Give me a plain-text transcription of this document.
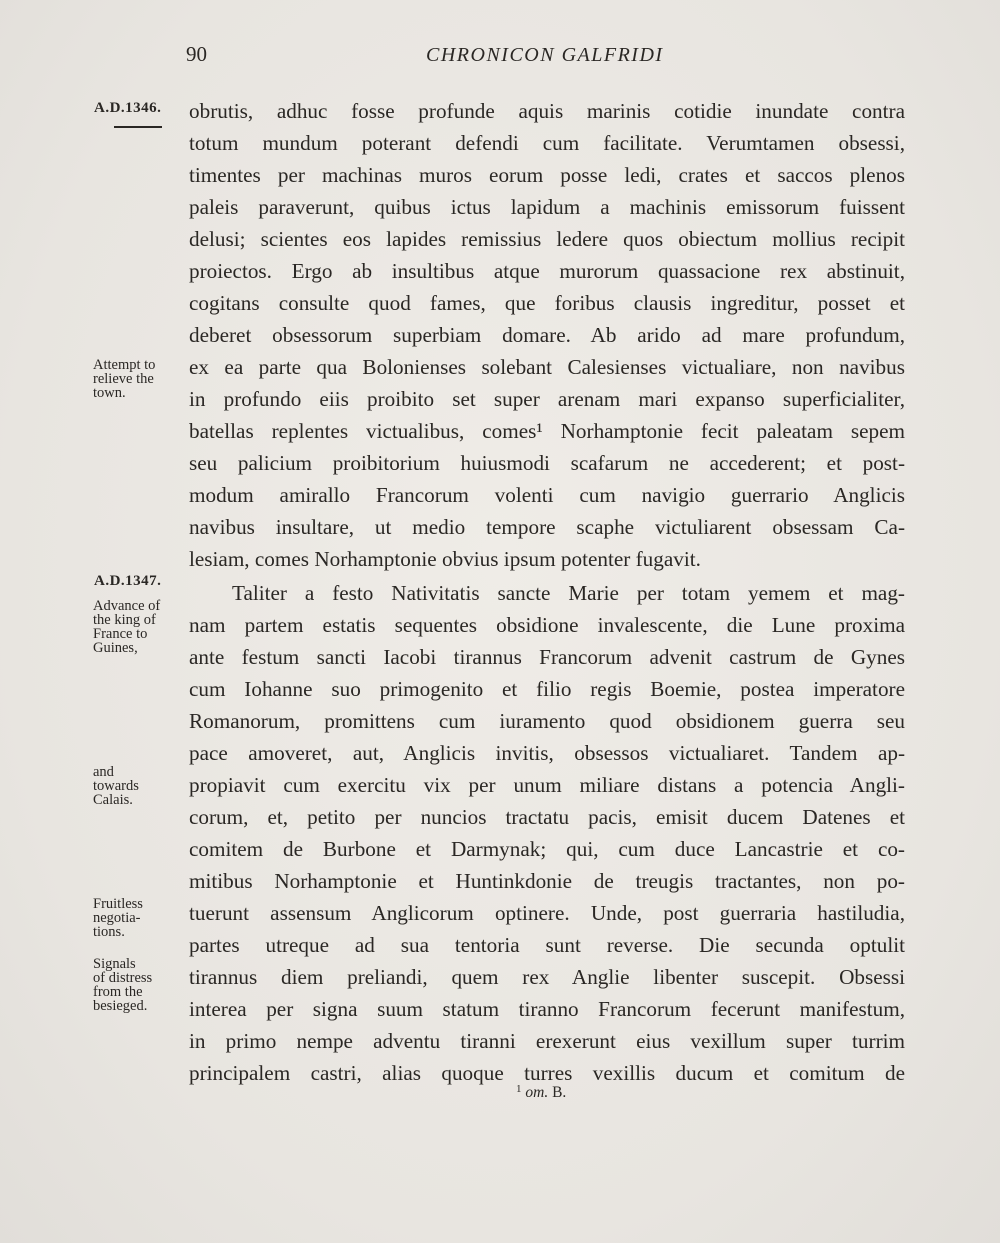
90	CHRONICON GALFRIDI
A.D.1346.
A.D.1347.
Attempt to
relieve the
town.
Advance of
the king of
France to
Guines,
and
towards
Calais.
Fruitless
negotia-
tions.
Signals
of distress
from the
besieged.
obrutis, adhuc fosse profunde aquis marinis cotidie inundate contra
totum mundum poterant defendi cum facilitate. Verumtamen obsessi,
timentes per machinas muros eorum posse ledi, crates et saccos plenos
paleis paraverunt, quibus ictus lapidum a machinis emissorum fuissent
delusi; scientes eos lapides remissius ledere quos obiectum mollius recipit
proiectos. Ergo ab insultibus atque murorum quassacione rex abstinuit,
cogitans consulte quod fames, que foribus clausis ingreditur, posset et
deberet obsessorum superbiam domare. Ab arido ad mare profundum,
ex ea parte qua Bolonienses solebant Calesienses victualiare, non navibus
in profundo eiis proibito set super arenam mari expanso superficialiter,
batellas replentes victualibus, comes¹ Norhamptonie fecit paleatam sepem
seu palicium proibitorium huiusmodi scafarum ne accederent; et post-
modum amirallo Francorum volenti cum navigio guerrario Anglicis
navibus insultare, ut medio tempore scaphe victuliarent obsessam Ca-
lesiam, comes Norhamptonie obvius ipsum potenter fugavit.
Taliter a festo Nativitatis sancte Marie per totam yemem et mag-
nam partem estatis sequentes obsidione invalescente, die Lune proxima
ante festum sancti Iacobi tirannus Francorum advenit castrum de Gynes
cum Iohanne suo primogenito et filio regis Boemie, postea imperatore
Romanorum, promittens cum iuramento quod obsidionem guerra seu
pace amoveret, aut, Anglicis invitis, obsessos victualiaret. Tandem ap-
propiavit cum exercitu vix per unum miliare distans a potencia Angli-
corum, et, petito per nuncios tractatu pacis, emisit ducem Datenes et
comitem de Burbone et Darmynak; qui, cum duce Lancastrie et co-
mitibus Norhamptonie et Huntinkdonie de treugis tractantes, non po-
tuerunt assensum Anglicorum optinere. Unde, post guerraria hastiludia,
partes utreque ad sua tentoria sunt reverse. Die secunda optulit
tirannus diem preliandi, quem rex Anglie libenter suscepit. Obsessi
interea per signa suum statum tiranno Francorum fecerunt manifestum,
in primo nempe adventu tiranni erexerunt eius vexillum super turrim
principalem castri, alias quoque turres vexillis ducum et comitum de
$^1$ om. B.
